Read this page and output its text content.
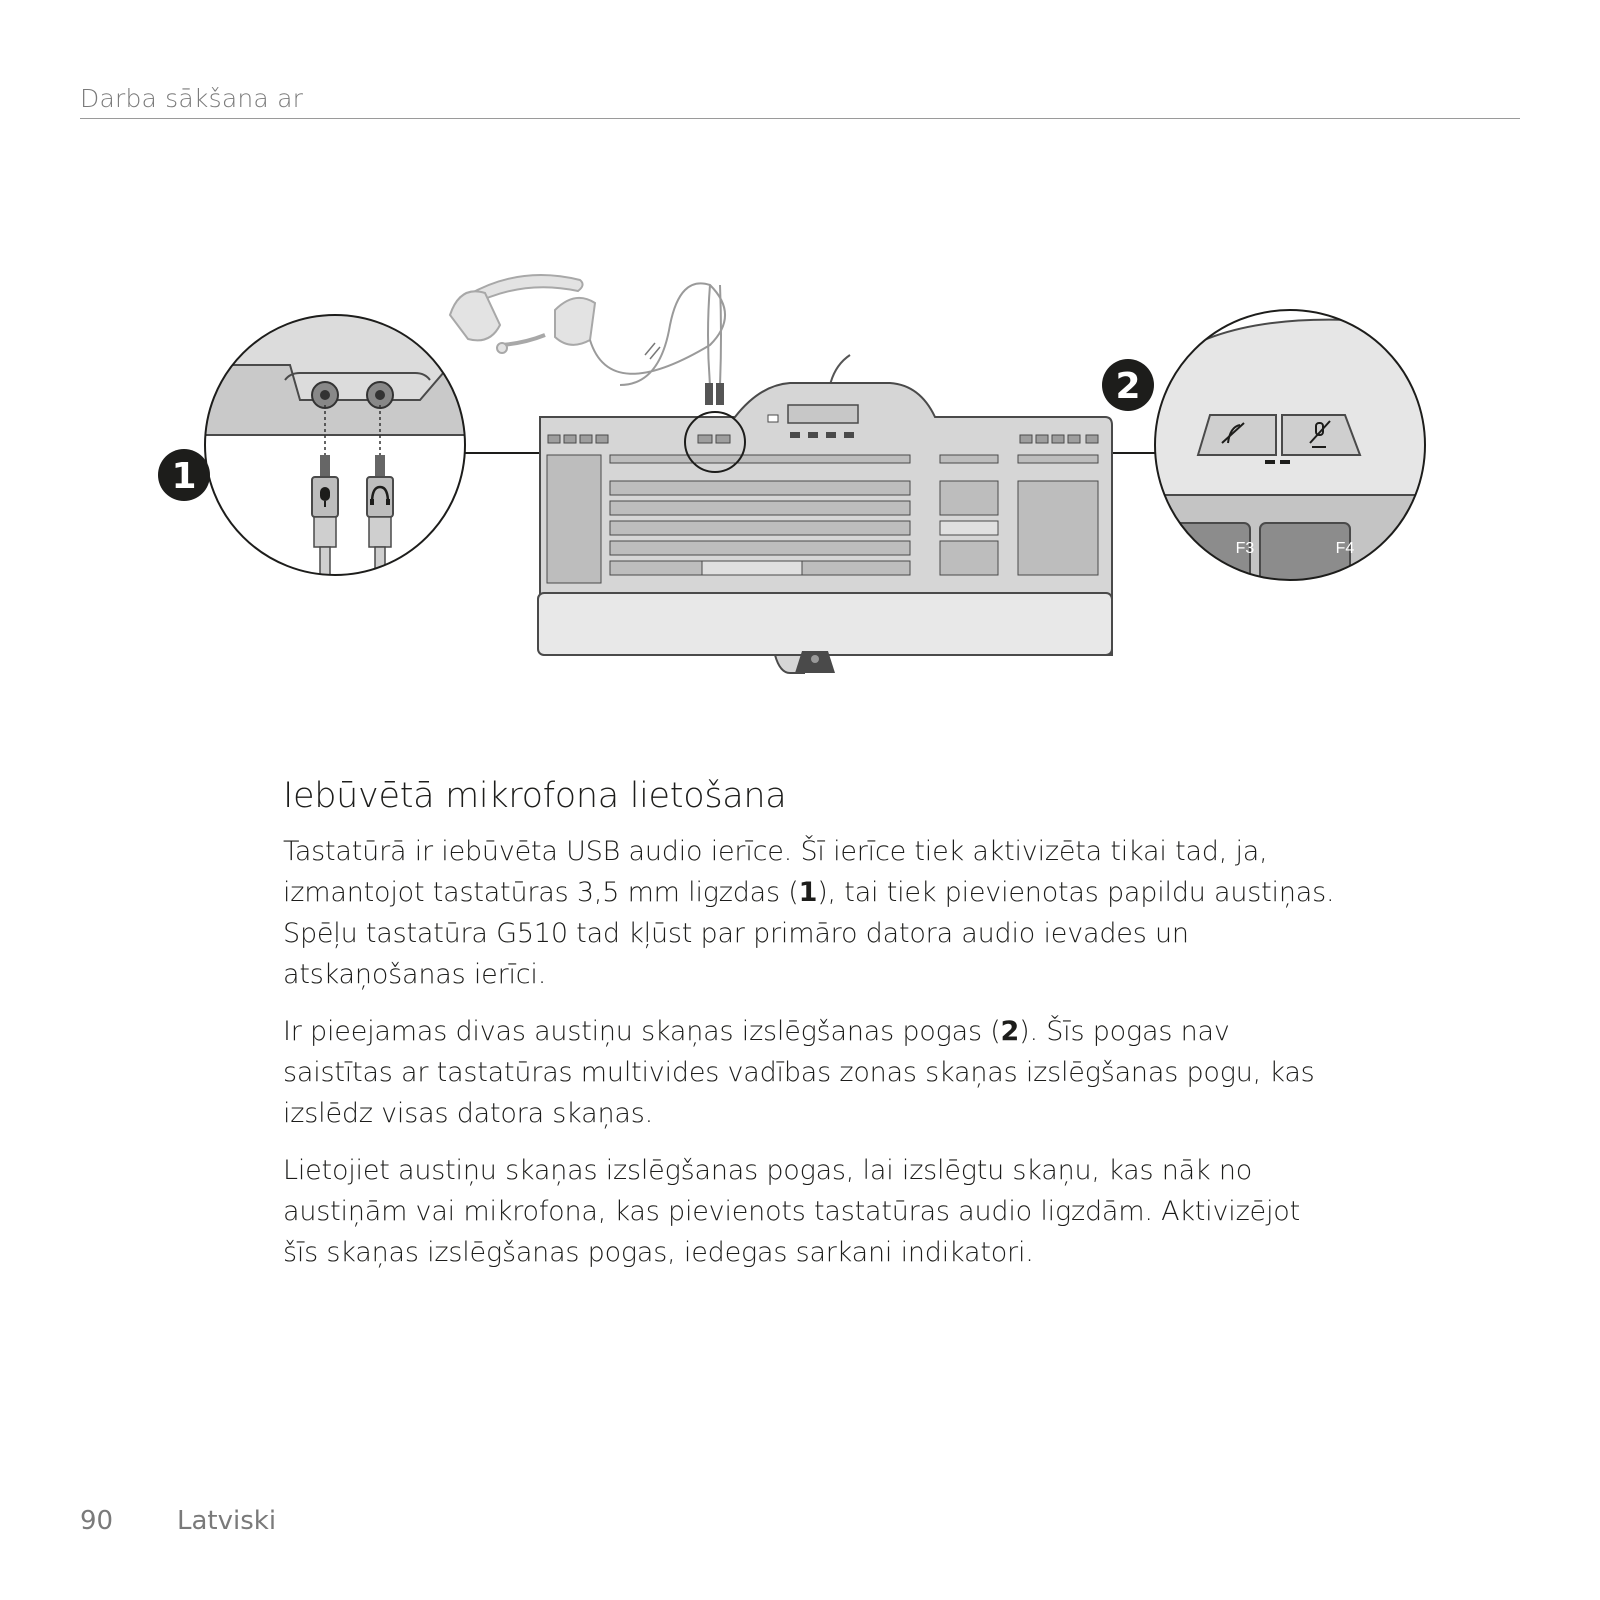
Darba sākšana ar
F3	F4
1
2
Iebūvētā mikrofona lietošana

Tastatūrā ir iebūvēta USB audio ierīce. Šī ierīce tiek aktivizēta tikai tad, ja, izmantojot tastatūras 3,5 mm ligzdas (1), tai tiek pievienotas papildu austiņas. Spēļu tastatūra G510 tad kļūst par primāro datora audio ievades un atskaņošanas ierīci.

Ir pieejamas divas austiņu skaņas izslēgšanas pogas (2). Šīs pogas nav saistītas ar tastatūras multivides vadības zonas skaņas izslēgšanas pogu, kas izslēdz visas datora skaņas.

Lietojiet austiņu skaņas izslēgšanas pogas, lai izslēgtu skaņu, kas nāk no austiņām vai mikrofona, kas pievienots tastatūras audio ligzdām. Aktivizējot šīs skaņas izslēgšanas pogas, iedegas sarkani indikatori.

90 Latviski
